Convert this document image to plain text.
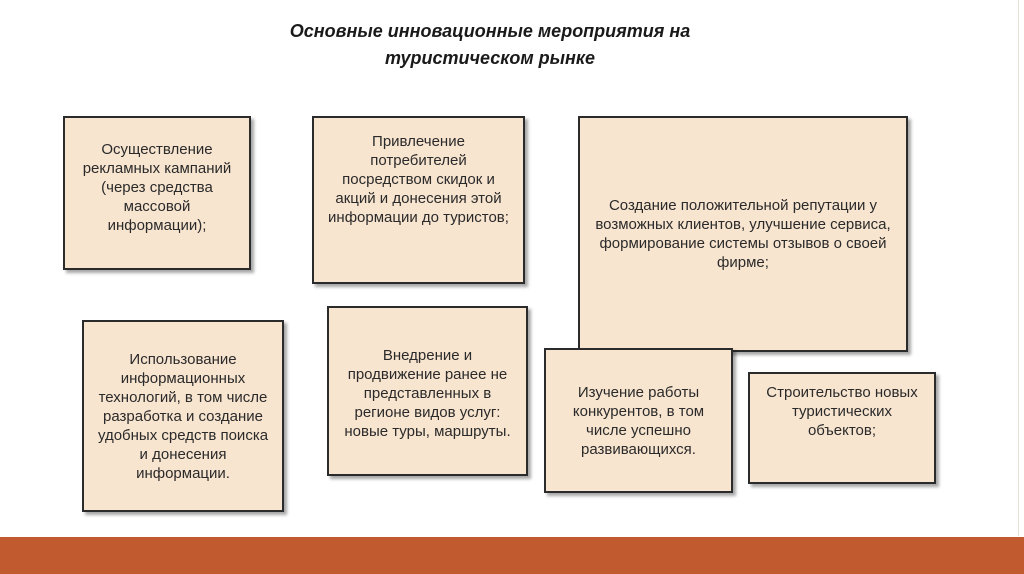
Основные инновационные мероприятия на
туристическом рынке
Осуществление рекламных кампаний (через средства массовой информации);
Привлечение потребителей посредством скидок и акций и донесения этой информации до туристов;
Создание положительной репутации у возможных клиентов, улучшение сервиса, формирование системы отзывов о своей фирме;
Использование информационных технологий, в том числе разработка и создание удобных средств поиска и донесения информации.
Внедрение и продвижение ранее не представленных в регионе видов услуг: новые туры, маршруты.
Изучение работы конкурентов, в том числе успешно развивающихся.
Строительство новых туристических объектов;
